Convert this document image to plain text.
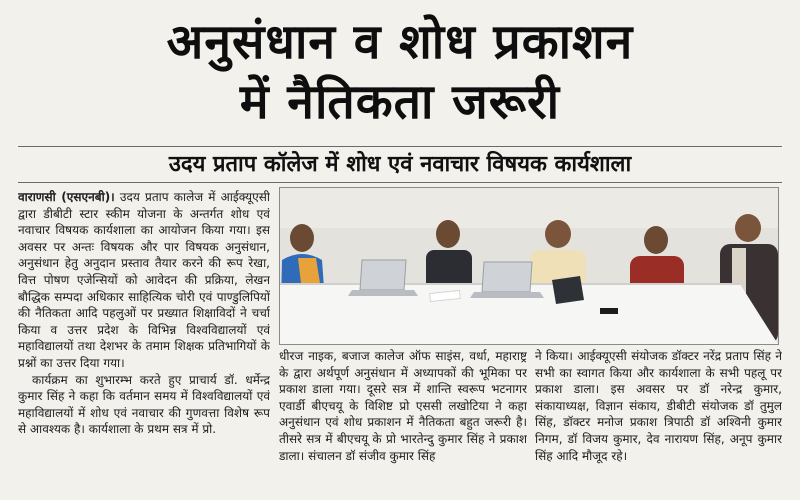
अनुसंधान व शोध प्रकाशन
में नैतिकता जरूरी
उदय प्रताप कॉलेज में शोध एवं नवाचार विषयक कार्यशाला

वाराणसी (एसएनबी)। उदय प्रताप कालेज में आईक्यूएसी द्वारा डीबीटी स्टार स्कीम योजना के अन्तर्गत शोध एवं नवाचार विषयक कार्यशाला का आयोजन किया गया। इस अवसर पर अन्तः विषयक और पार विषयक अनुसंधान, अनुसंधान हेतु अनुदान प्रस्ताव तैयार करने की रूप रेखा, वित्त पोषण एजेन्सियों को आवेदन की प्रक्रिया, लेखन बौद्धिक सम्पदा अधिकार साहित्यिक चोरी एवं पाण्डुलिपियों की नैतिकता आदि पहलुओं पर प्रख्यात शिक्षाविदों ने चर्चा किया व उत्तर प्रदेश के विभिन्न विश्वविद्यालयों एवं महाविद्यालयों तथा देशभर के तमाम शिक्षक प्रतिभागियों के प्रश्नों का उत्तर दिया गया।

कार्यक्रम का शुभारम्भ करते हुए प्राचार्य डॉ. धर्मेन्द्र कुमार सिंह ने कहा कि वर्तमान समय में विश्वविद्यालयों एवं महाविद्यालयों में शोध एवं नवाचार की गुणवत्ता विशेष रूप से आवश्यक है। कार्यशाला के प्रथम सत्र में प्रो.

धीरज नाइक, बजाज कालेज ऑफ साइंस, वर्धा, महाराष्ट्र के द्वारा अर्थपूर्ण अनुसंधान में अध्यापकों की भूमिका पर प्रकाश डाला गया। दूसरे सत्र में शान्ति स्वरूप भटनागर एवार्डी बीएचयू के विशिष्ट प्रो एससी लखोटिया ने कहा अनुसंधान एवं शोध प्रकाशन में नैतिकता बहुत जरूरी है। तीसरे सत्र में बीएचयू के प्रो भारतेन्दु कुमार सिंह ने प्रकाश डाला। संचालन डॉ संजीव कुमार सिंह

ने किया। आईक्यूएसी संयोजक डॉक्टर नरेंद्र प्रताप सिंह ने सभी का स्वागत किया और कार्यशाला के सभी पहलू पर प्रकाश डाला। इस अवसर पर डॉ नरेन्द्र कुमार, संकायाध्यक्ष, विज्ञान संकाय, डीबीटी संयोजक डॉ तुमुल सिंह, डॉक्टर मनोज प्रकाश त्रिपाठी डॉ अश्विनी कुमार निगम, डॉ विजय कुमार, देव नारायण सिंह, अनूप कुमार सिंह आदि मौजूद रहे।
